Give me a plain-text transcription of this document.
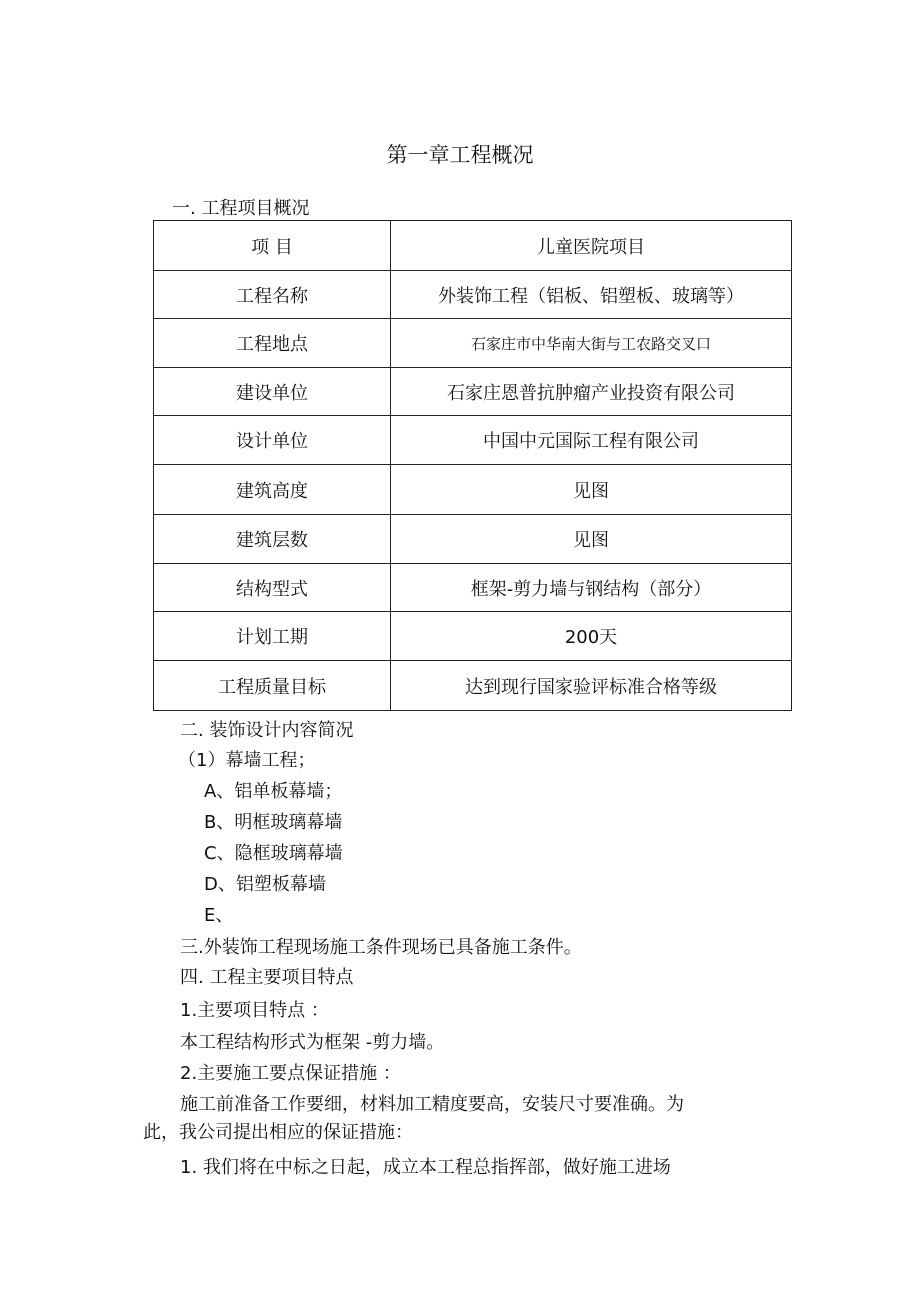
第一章工程概况
一. 工程项目概况
项 目	儿童医院项目
工程名称	外装饰工程（铝板、铝塑板、玻璃等）
工程地点	石家庄市中华南大街与工农路交叉口
建设单位	石家庄恩普抗肿瘤产业投资有限公司
设计单位	中国中元国际工程有限公司
建筑高度	见图
建筑层数	见图
结构型式	框架-剪力墙与钢结构（部分）
计划工期	200天
工程质量目标	达到现行国家验评标准合格等级
二. 装饰设计内容简况
（1）幕墙工程；
A、铝单板幕墙；
B、明框玻璃幕墙
C、隐框玻璃幕墙
D、铝塑板幕墙
E、
三.外装饰工程现场施工条件现场已具备施工条件。
四. 工程主要项目特点
1.主要项目特点 ：
本工程结构形式为框架 -剪力墙。
2.主要施工要点保证措施 ：
施工前准备工作要细，材料加工精度要高，安装尺寸要准确。为
此，我公司提出相应的保证措施：
1. 我们将在中标之日起，成立本工程总指挥部，做好施工进场
